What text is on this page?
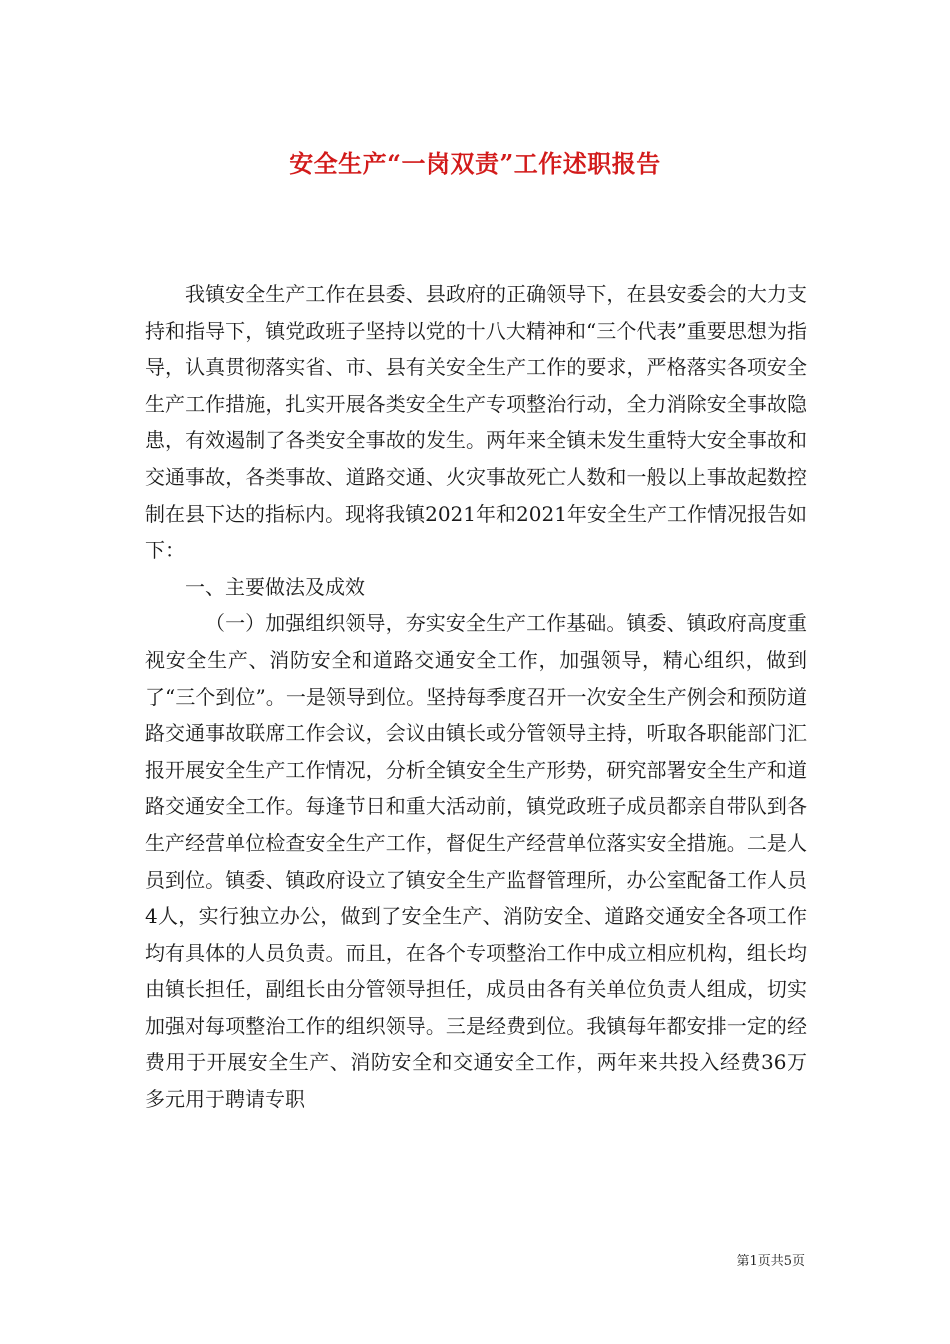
安全生产“一岗双责”工作述职报告

我镇安全生产工作在县委、县政府的正确领导下，在县安委会的大力支持和指导下，镇党政班子坚持以党的十八大精神和“三个代表”重要思想为指导，认真贯彻落实省、市、县有关安全生产工作的要求，严格落实各项安全生产工作措施，扎实开展各类安全生产专项整治行动，全力消除安全事故隐患，有效遏制了各类安全事故的发生。两年来全镇未发生重特大安全事故和交通事故，各类事故、道路交通、火灾事故死亡人数和一般以上事故起数控制在县下达的指标内。现将我镇2021年和2021年安全生产工作情况报告如下：

一、主要做法及成效

（一）加强组织领导，夯实安全生产工作基础。镇委、镇政府高度重视安全生产、消防安全和道路交通安全工作，加强领导，精心组织，做到了“三个到位”。一是领导到位。坚持每季度召开一次安全生产例会和预防道路交通事故联席工作会议，会议由镇长或分管领导主持，听取各职能部门汇报开展安全生产工作情况，分析全镇安全生产形势，研究部署安全生产和道路交通安全工作。每逢节日和重大活动前，镇党政班子成员都亲自带队到各生产经营单位检查安全生产工作，督促生产经营单位落实安全措施。二是人员到位。镇委、镇政府设立了镇安全生产监督管理所，办公室配备工作人员4人，实行独立办公，做到了安全生产、消防安全、道路交通安全各项工作均有具体的人员负责。而且，在各个专项整治工作中成立相应机构，组长均由镇长担任，副组长由分管领导担任，成员由各有关单位负责人组成，切实加强对每项整治工作的组织领导。三是经费到位。我镇每年都安排一定的经费用于开展安全生产、消防安全和交通安全工作，两年来共投入经费36万多元用于聘请专职

第1页共5页
